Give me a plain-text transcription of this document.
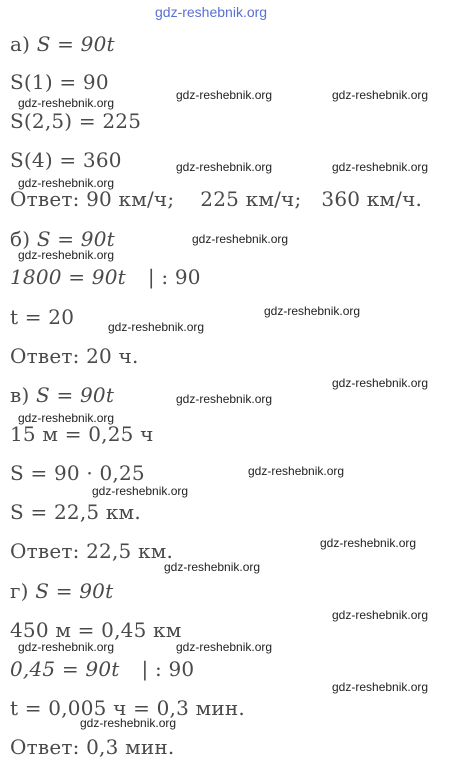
gdz-reshebnik.org
а) S = 90t
S(1) = 90
S(2,5) = 225
S(4) = 360
Ответ: 90 км/ч; 225 км/ч; 360 км/ч.
б) S = 90t
1800 = 90t | : 90
t = 20
Ответ: 20 ч.
в) S = 90t
15 м = 0,25 ч
S = 90 · 0,25
S = 22,5 км.
Ответ: 22,5 км.
г) S = 90t
450 м = 0,45 км
0,45 = 90t | : 90
t = 0,005 ч = 0,3 мин.
Ответ: 0,3 мин.
gdz-reshebnik.org
gdz-reshebnik.org	gdz-reshebnik.org
gdz-reshebnik.org	gdz-reshebnik.org
gdz-reshebnik.org
gdz-reshebnik.org
gdz-reshebnik.org
gdz-reshebnik.org
gdz-reshebnik.org
gdz-reshebnik.org
gdz-reshebnik.org
gdz-reshebnik.org
gdz-reshebnik.org
gdz-reshebnik.org
gdz-reshebnik.org
gdz-reshebnik.org
gdz-reshebnik.org
gdz-reshebnik.org	gdz-reshebnik.org
gdz-reshebnik.org
gdz-reshebnik.org
